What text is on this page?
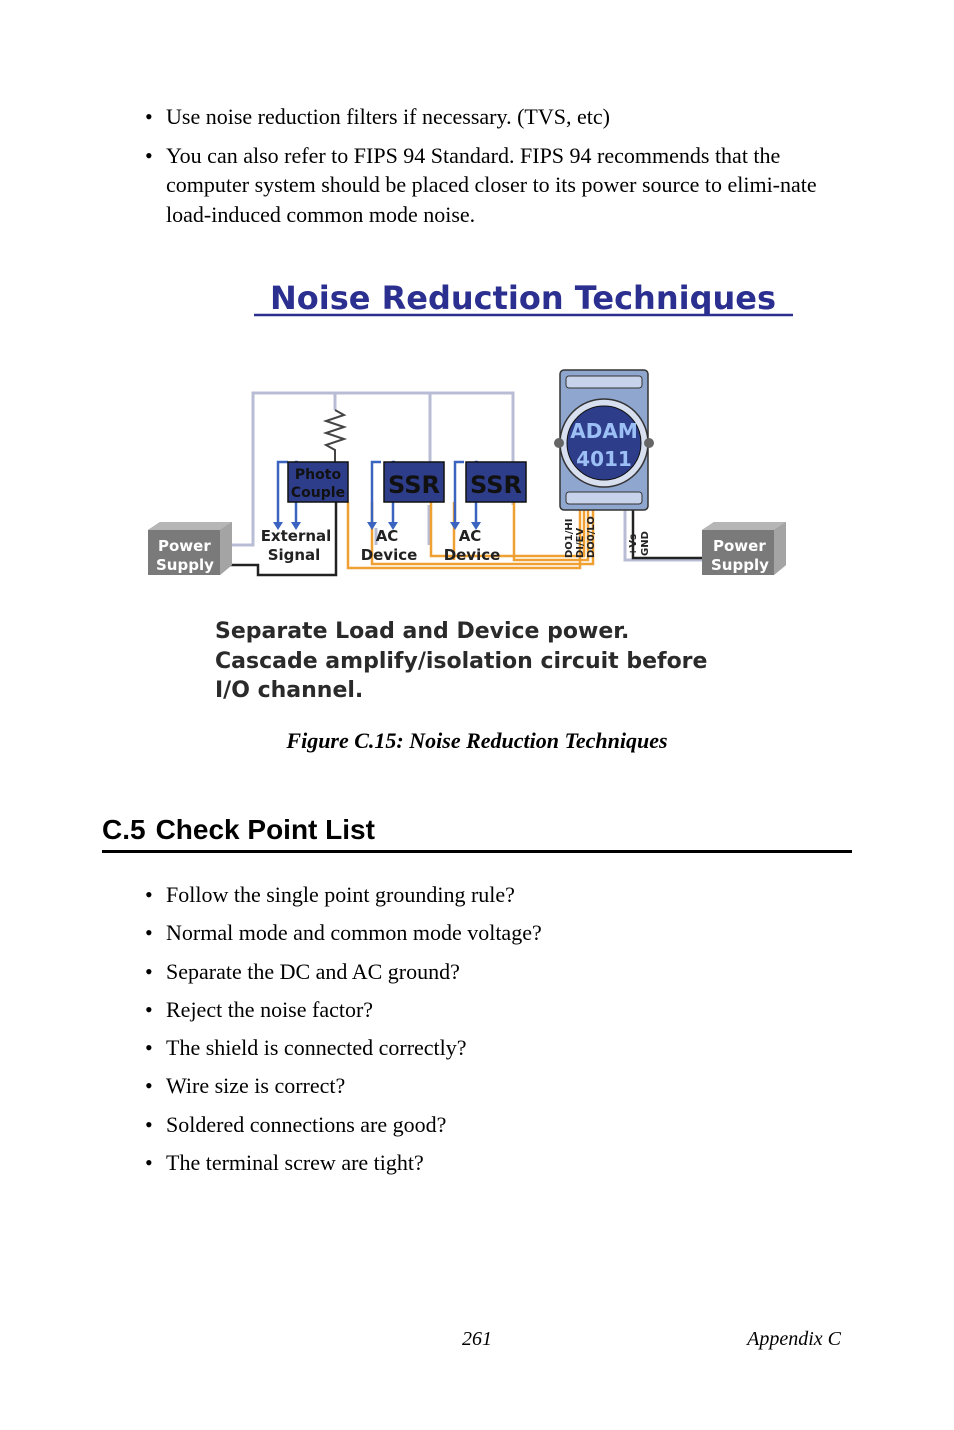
• Use noise reduction filters if necessary. (TVS, etc)
• You can also refer to FIPS 94 Standard. FIPS 94 recommends that the computer system should be placed closer to its power source to elimi-nate load-induced common mode noise.
Noise Reduction Techniques
Photo
Couple SSR SSR
External
Signal
AC
Device
AC
Device
Power
Supply
Power
Supply
ADAM
4011
DO1/HI DI/EV DO0/LO	+Vs GND
Separate Load and Device power.
Cascade amplify/isolation circuit before
I/O channel.
Figure C.15: Noise Reduction Techniques
C.5 Check Point List
• Follow the single point grounding rule?
• Normal mode and common mode voltage?
• Separate the DC and AC ground?
• Reject the noise factor?
• The shield is connected correctly?
• Wire size is correct?
• Soldered connections are good?
• The terminal screw are tight?
261	Appendix C
